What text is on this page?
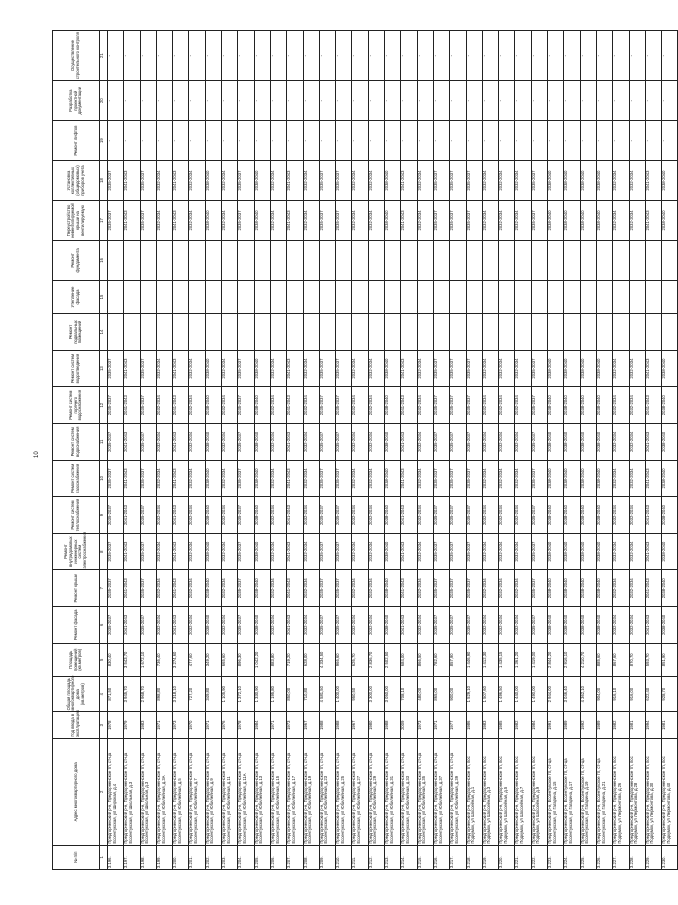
10
№ п/п	Адрес многоквартирного дома	Год ввода в эксплуатацию	Общая площадь многоквартирного дома (кв.метров)	Площадь помещений (кв.метров)	Ремонт фасада	Ремонт крыши	Ремонт внутридомовых инженерных систем электроснабжения	Ремонт систем теплоснабжения	Ремонт систем газоснабжения	Ремонт систем водоснабжения	Ремонт систем горячего водоснабжения	Ремонт систем водоотведения	Ремонт подвальных помещений	Утепление фасада	Ремонт фундамента	Переустройство невентилируемой крыши на вентилируемую	Установка коллективных (общедомовых) приборов учета	Ремонт лифтов	Разработка проектной документации	Осуществление строительного контроля
1	2	3	4	5	6	7	8	9	10	11	12	13	14	15	16	17	18	19	20	21
3.196.	Предгорненский р-н, Предгорненское тп, ст-ца Ессентукская, ул Широкая, д.4	1978	871,50	830,40	2035-2037	2035-2037	2035-2037	2035-2037	2035-2037	2035-2037	2035-2037	2035-2037				2035-2037	2035-2037	-	-	-
3.197.	Предгорненский р-н, Предгорненское тп, ст-ца Ессентукская, ул Школьная, д.3	1979	3 945,70	3 543,70	2041-2043	2041-2043	2041-2043	2041-2043	2041-2043	2041-2043	2041-2043	2041-2043				2041-2043	2041-2043	-	-	-
3.198.	Предгорненский р-н, Предгорненское тп, ст-ца Ессентукская, ул Школьная, д.3	1983	2 968,70	1 672,10	2035-2037	2035-2037	2035-2037	2035-2037	2035-2037	2035-2037	2035-2037	2035-2037				2035-2037	2035-2037	-	-	-
3.199.	Предгорненский р-н, Предгорненское тп, ст-ца Ессентукская, ул Юбилейная, д.3А	1971	898,80	736,40	2032-2034	2032-2034	2032-2034	2032-2034	2032-2034	2032-2034	2032-2034	2032-2034				2032-2034	2032-2034	-	-	-
3.200.	Предгорненский р-н, Предгорненское тп, ст-ца Ессентукская, ул Юбилейная, д.5	1973	3 318,10	3 274,60	2041-2043	2041-2043	2041-2043	2041-2043	2041-2043	2041-2043	2041-2043	2041-2043				2041-2043	2041-2043	-	-	-
3.201.	Предгорненский р-н, Предгорненское тп, ст-ца Ессентукская, ул Юбилейная, д.7	1970	727,20	477,60	2032-2034	2032-2034	2032-2034	2032-2034	2032-2034	2032-2034	2032-2034	2032-2034				2032-2034	2032-2034	-	-	-
3.202.	Предгорненский р-н, Предгорненское тп, ст-ца Ессентукская, ул Юбилейная, д.9	1971	349,80	349,20	2038-2040	2038-2040	2038-2040	2038-2040	2038-2040	2038-2040	2038-2040	2038-2040				2038-2040	2038-2040	-	-	-
3.203.	Предгорненский р-н, Предгорненское тп, ст-ца Ессентукская, ул Юбилейная, д.11	1976	1 105,90	665,60	2032-2034	2032-2034	2032-2034	2032-2034	2032-2034	2032-2034	2032-2034	2032-2034				2032-2034	2032-2034	-	-	-
3.204.	Предгорненский р-н, Предгорненское тп, ст-ца Ессентукская, ул Юбилейная, д.11А	1978	1 372,10	896,30	2035-2037	2035-2037	2035-2037	2035-2037	2035-2037	2035-2037	2035-2037	2035-2037				2035-2037	2035-2037	-	-	-
3.205.	Предгорненский р-н, Предгорненское тп, ст-ца Ессентукская, ул Юбилейная, д.13	1984	1 330,90	1 042,20	2038-2040	2038-2040	2038-2040	2038-2040	2038-2040	2038-2040	2038-2040	2038-2040				2038-2040	2038-2040	-	-	-
3.206.	Предгорненский р-н, Предгорненское тп, ст-ца Ессентукская, ул Юбилейная, д.15	1971	1 195,80	883,80	2032-2034	2032-2034	2032-2034	2032-2034	2032-2034	2032-2034	2032-2034	2032-2034				2032-2034	2032-2034	-	-	-
3.207.	Предгорненский р-н, Предгорненское тп, ст-ца Ессентукская, ул Юбилейная, д.17	1973	850,00	719,20	2041-2043	2041-2043	2041-2043	2041-2043	2041-2043	2041-2043	2041-2043	2041-2043				2041-2043	2041-2043	-	-	-
3.208.	Предгорненский р-н, Предгорненское тп, ст-ца Ессентукская, ул Юбилейная, д.19	1967	710,80	628,00	2032-2034	2032-2034	2032-2034	2032-2034	2032-2034	2032-2034	2032-2034	2032-2034				2032-2034	2032-2034	-	-	-
3.209.	Предгорненский р-н, Предгорненское тп, ст-ца Ессентукская, ул Юбилейная, д.23	1988	4 581,50	4 334,50	2035-2037	2035-2037	2035-2037	2035-2037	2035-2037	2035-2037	2035-2037	2035-2037				2035-2037	2035-2037	-	-	-
3.210.	Предгорненский р-н, Предгорненское тп, ст-ца Ессентукская, ул Юбилейная, д.25	1988	1 400,00	966,60	2035-2037	2035-2037	2035-2037	2035-2037	2035-2037	2035-2037	2035-2037	2035-2037				2035-2037	2035-2037	-	-	-
3.211.	Предгорненский р-н, Предгорненское тп, ст-ца Ессентукская, ул Юбилейная, д.27	1967	950,50	626,70	2032-2034	2032-2034	2032-2034	2032-2034	2032-2034	2032-2034	2032-2034	2032-2034				2032-2034	2032-2034	-	-	-
3.212.	Предгорненский р-н, Предгорненское тп, ст-ца Ессентукская, ул Юбилейная, д.29	1980	3 300,00	2 836,70	2032-2034	2032-2034	2032-2034	2032-2034	2032-2034	2032-2034	2032-2034	2032-2034				2032-2034	2032-2034	-	-	-
3.213.	Предгорненский р-н, Предгорненское тп, ст-ца Ессентукская, ул Юбилейная, д.31	1988	3 050,00	2 502,50	2038-2040	2038-2040	2038-2040	2038-2040	2038-2040	2038-2040	2038-2040	2038-2040				2038-2040	2038-2040	-	-	-
3.214.	Предгорненский р-н, Предгорненское тп, ст-ца Ессентукская, ул Юбилейная, д.33	2009	708,10	684,00	2041-2043	2041-2043	2041-2043	2041-2043	2041-2043	2041-2043	2041-2043	2041-2043				2041-2043	2041-2043	-	-	-
3.215.	Предгорненский р-н, Предгорненское тп, ст-ца Ессентукская, ул Юбилейная, д.35	1973	480,00	866,50	2032-2034	2032-2034	2032-2034	2032-2034	2032-2034	2032-2034	2032-2034	2032-2034				2032-2034	2032-2034	-	-	-
3.216.	Предгорненский р-н, Предгорненское тп, ст-ца Ессентукская, ул Юбилейная, д.37	1971	865,00	782,60	2035-2037	2035-2037	2035-2037	2035-2037	2035-2037	2035-2037	2035-2037	2035-2037				2035-2037	2035-2037	-	-	-
3.217.	Предгорненский р-н, Предгорненское тп, ст-ца Ессентукская, ул Юбилейная, д.39	1977	900,00	857,90	2035-2037	2035-2037	2035-2037	2035-2037	2035-2037	2035-2037	2035-2037	2035-2037				2035-2037	2035-2037	-	-	-
3.218.	Предгорненский р-н, Предгорненское тп, пос Подкумок, ул Шоссейная, д.1	1986	1 529,10	1 446,90	2035-2037	2035-2037	2035-2037	2035-2037	2035-2037	2035-2037	2035-2037	2035-2037				2035-2037	2035-2037	-	-	-
3.219.	Предгорненский р-н, Предгорненское тп, пос Подкумок, ул Шоссейная, д.3	1983	1 507,60	1 412,30	2032-2034	2032-2034	2032-2034	2032-2034	2032-2034	2032-2034	2032-2034	2032-2034				2032-2034	2032-2034	-	-	-
3.220.	Предгорненский р-н, Предгорненское тп, пос Подкумок, ул Шоссейная, д.5	1985	1 496,50	1 435,15	2032-2034	2032-2034	2032-2034	2032-2034	2032-2034	2032-2034	2032-2034	2032-2034				2032-2034	2032-2034	-	-	-
3.221.	Предгорненский р-н, Предгорненское тп, пос Подкумок, ул Шоссейная, д.7	1982	1 440,00	1 361,20	2032-2034	2032-2034	2032-2034	2032-2034	2032-2034	2032-2034	2032-2034	2032-2034				2032-2034	2032-2034	-	-	-
3.222.	Предгорненский р-н, Предгорненское тп, пос Подкумок, ул Шоссейная, д.9	1984	1 490,00	1 419,00	2035-2037	2035-2037	2035-2037	2035-2037	2035-2037	2035-2037	2035-2037	2035-2037				2035-2037	2035-2037	-	-	-
3.223.	Предгорненский р-н, Ессентукское тп, ст-ца Ессентукская, ул Гагарина, д.15	1991	2 944,00	2 844,20	2038-2040	2038-2040	2038-2040	2038-2040	2038-2040	2038-2040	2038-2040	2038-2040				2038-2040	2038-2040	-	-	-
3.224.	Предгорненский р-н, Ессентукское тп, ст-ца Ессентукская, ул Гагарина, д.17	1989	3 046,40	2 916,10	2038-2040	2038-2040	2038-2040	2038-2040	2038-2040	2038-2040	2038-2040	2038-2040				2038-2040	2038-2040	-	-	-
3.225.	Предгорненский р-н, Ессентукское тп, ст-ца Ессентукская, ул Гагарина, д.19	1992	4 362,10	4 210,70	2038-2040	2038-2040	2038-2040	2038-2040	2038-2040	2038-2040	2038-2040	2038-2040				2038-2040	2038-2040	-	-	-
3.226.	Предгорненский р-н, Ессентукское тп, ст-ца Ессентукская, ул Гагарина, д.21	1989	904,00	885,60	2038-2040	2038-2040	2038-2040	2038-2040	2038-2040	2038-2040	2038-2040	2038-2040				2038-2040	2038-2040	-	-	-
3.227.	Предгорненский р-н, Предгорненское тп, пос Подкумок, ул Лермонтова, д.26	1982	916,10	867,60	2032-2034	2032-2034	2032-2034	2032-2034	2032-2034	2032-2034	2032-2034	2032-2034				2032-2034	2032-2034	-	-	-
3.228.	Предгорненский р-н, Предгорненское тп, пос Подкумок, ул Лермонтова, д.28	1981	916,00	870,70	2032-2034	2032-2034	2032-2034	2032-2034	2032-2034	2032-2034	2032-2034	2032-2034				2032-2034	2032-2034	-	-	-
3.229.	Предгорненский р-н, Предгорненское тп, пос Подкумок, ул Лермонтова, д.30	1994	622,40	593,70	2041-2043	2041-2043	2041-2043	2041-2043	2041-2043	2041-2043	2041-2043	2041-2043				2041-2043	2041-2043	-	-	-
3.230.	Предгорненский р-н, Предгорненское тп, пос Подкумок, ул Лермонтова, д.40	1981	928,70	851,90	2038-2040	2038-2040	2038-2040	2038-2040	2038-2040	2038-2040	2038-2040	2038-2040				2038-2040	2038-2040	-	-	-
